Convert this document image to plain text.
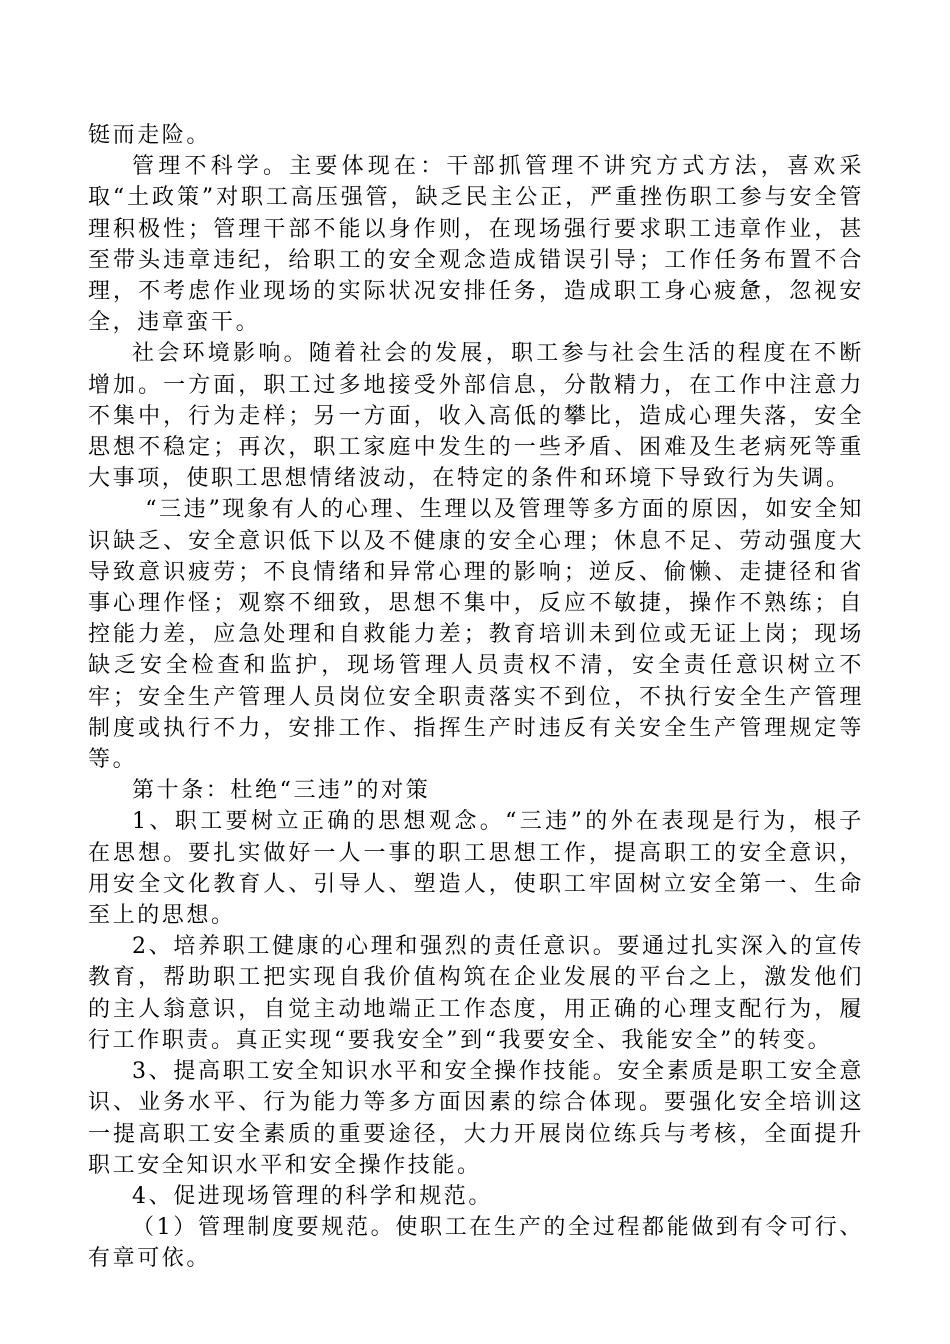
铤而走险。

管理不科学。主要体现在：干部抓管理不讲究方式方法，喜欢采取“土政策”对职工高压强管，缺乏民主公正，严重挫伤职工参与安全管理积极性；管理干部不能以身作则，在现场强行要求职工违章作业，甚至带头违章违纪，给职工的安全观念造成错误引导；工作任务布置不合理，不考虑作业现场的实际状况安排任务，造成职工身心疲惫，忽视安全，违章蛮干。

社会环境影响。随着社会的发展，职工参与社会生活的程度在不断增加。一方面，职工过多地接受外部信息，分散精力，在工作中注意力不集中，行为走样；另一方面，收入高低的攀比，造成心理失落，安全思想不稳定；再次，职工家庭中发生的一些矛盾、困难及生老病死等重大事项，使职工思想情绪波动，在特定的条件和环境下导致行为失调。

“三违”现象有人的心理、生理以及管理等多方面的原因，如安全知识缺乏、安全意识低下以及不健康的安全心理；休息不足、劳动强度大导致意识疲劳；不良情绪和异常心理的影响；逆反、偷懒、走捷径和省事心理作怪；观察不细致，思想不集中，反应不敏捷，操作不熟练；自控能力差，应急处理和自救能力差；教育培训未到位或无证上岗；现场缺乏安全检查和监护，现场管理人员责权不清，安全责任意识树立不牢；安全生产管理人员岗位安全职责落实不到位，不执行安全生产管理制度或执行不力，安排工作、指挥生产时违反有关安全生产管理规定等等。

第十条：杜绝“三违”的对策

1、职工要树立正确的思想观念。“三违”的外在表现是行为，根子在思想。要扎实做好一人一事的职工思想工作，提高职工的安全意识，用安全文化教育人、引导人、塑造人，使职工牢固树立安全第一、生命至上的思想。

2、培养职工健康的心理和强烈的责任意识。要通过扎实深入的宣传教育，帮助职工把实现自我价值构筑在企业发展的平台之上，激发他们的主人翁意识，自觉主动地端正工作态度，用正确的心理支配行为，履行工作职责。真正实现“要我安全”到“我要安全、我能安全”的转变。

3、提高职工安全知识水平和安全操作技能。安全素质是职工安全意识、业务水平、行为能力等多方面因素的综合体现。要强化安全培训这一提高职工安全素质的重要途径，大力开展岗位练兵与考核，全面提升职工安全知识水平和安全操作技能。

4、促进现场管理的科学和规范。

（1）管理制度要规范。使职工在生产的全过程都能做到有令可行、有章可依。
